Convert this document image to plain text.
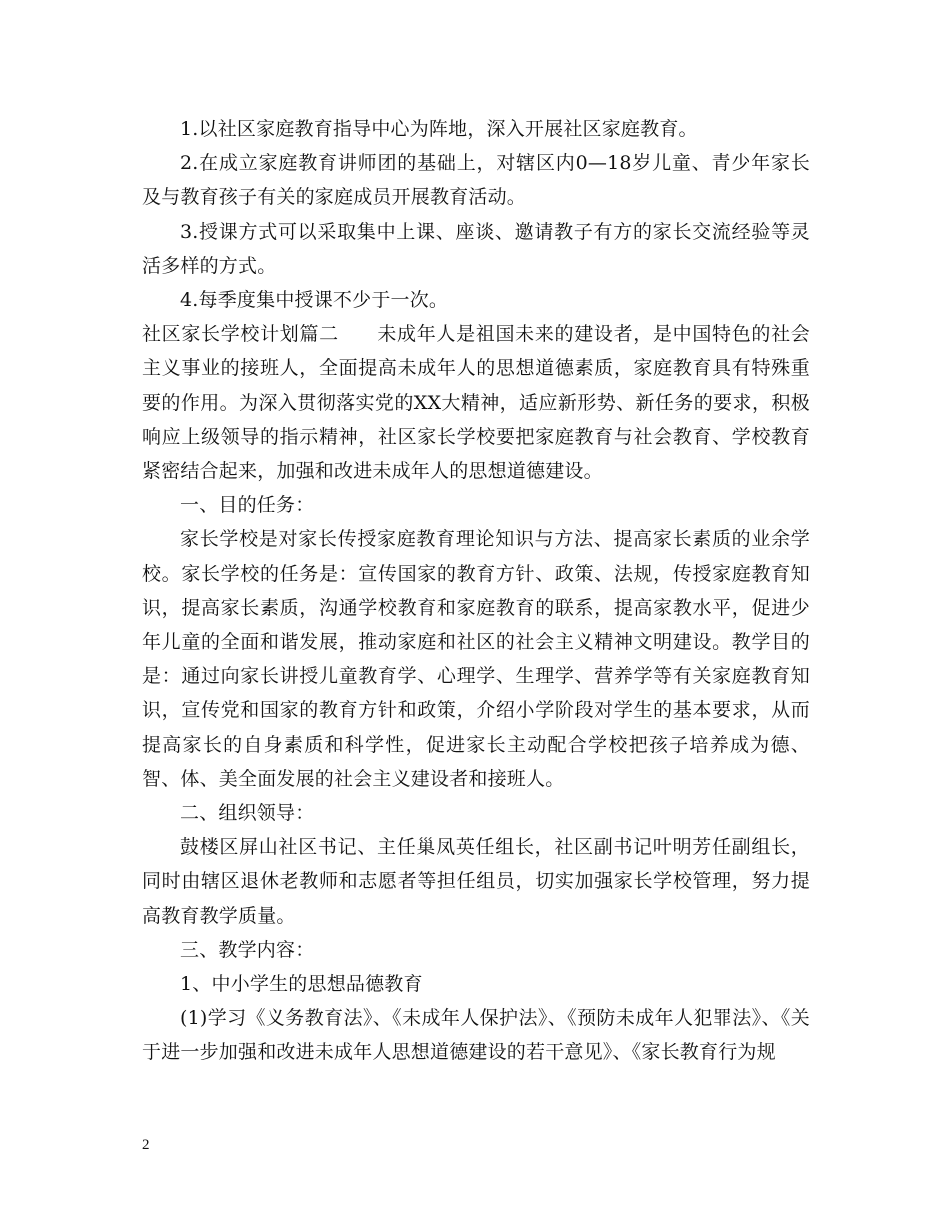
1.以社区家庭教育指导中心为阵地，深入开展社区家庭教育。

2.在成立家庭教育讲师团的基础上，对辖区内0—18岁儿童、青少年家长及与教育孩子有关的家庭成员开展教育活动。

3.授课方式可以采取集中上课、座谈、邀请教子有方的家长交流经验等灵活多样的方式。

4.每季度集中授课不少于一次。

社区家长学校计划篇二 未成年人是祖国未来的建设者，是中国特色的社会主义事业的接班人，全面提高未成年人的思想道德素质，家庭教育具有特殊重要的作用。为深入贯彻落实党的XX大精神，适应新形势、新任务的要求，积极响应上级领导的指示精神，社区家长学校要把家庭教育与社会教育、学校教育紧密结合起来，加强和改进未成年人的思想道德建设。

一、目的任务：

家长学校是对家长传授家庭教育理论知识与方法、提高家长素质的业余学校。家长学校的任务是：宣传国家的教育方针、政策、法规，传授家庭教育知识，提高家长素质，沟通学校教育和家庭教育的联系，提高家教水平，促进少年儿童的全面和谐发展，推动家庭和社区的社会主义精神文明建设。教学目的是：通过向家长讲授儿童教育学、心理学、生理学、营养学等有关家庭教育知识，宣传党和国家的教育方针和政策，介绍小学阶段对学生的基本要求，从而提高家长的自身素质和科学性，促进家长主动配合学校把孩子培养成为德、智、体、美全面发展的社会主义建设者和接班人。

二、组织领导：

鼓楼区屏山社区书记、主任巢凤英任组长，社区副书记叶明芳任副组长，同时由辖区退休老教师和志愿者等担任组员，切实加强家长学校管理，努力提高教育教学质量。

三、教学内容：

1、中小学生的思想品德教育

(1)学习《义务教育法》、《未成年人保护法》、《预防未成年人犯罪法》、《关于进一步加强和改进未成年人思想道德建设的若干意见》、《家长教育行为规

2
